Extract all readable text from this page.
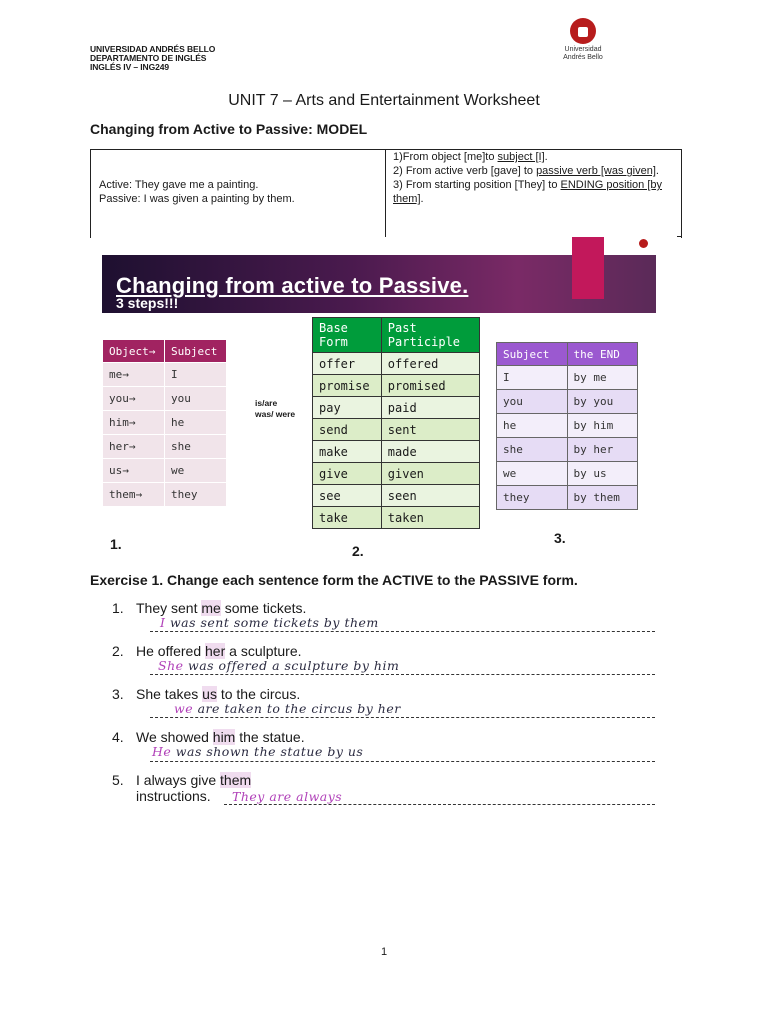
UNIVERSIDAD ANDRÉS BELLO
DEPARTAMENTO DE INGLÉS
INGLÉS IV – ING249
Universidad
Andrés Bello
UNIT 7 – Arts and Entertainment Worksheet
Changing from Active to Passive: MODEL
Active: They gave me a painting.
Passive: I was given a painting by them.
1)From object [me]to subject [I].
2) From active verb [gave] to passive verb [was given].
3) From starting position [They] to ENDING position [by them].
Changing from active to Passive.
3 steps!!!
Object→	Subject
me→	I
you→	you
him→	he
her→	she
us→	we
them→	they
is/are
was/ were
Base Form	Past Participle
offer	offered
promise	promised
pay	paid
send	sent
make	made
give	given
see	seen
take	taken
Subject	the END
I	by me
you	by you
he	by him
she	by her
we	by us
they	by them
1.	2.
3.
Exercise 1. Change each sentence form the ACTIVE to the PASSIVE form.
1. They sent me some tickets.
I was sent some tickets by them
2. He offered her a sculpture.
She was offered a sculpture by him
3. She takes us to the circus.
we are taken to the circus by her
4. We showed him the statue.
He was shown the statue by us
5. I always give them
instructions. They are always
1
